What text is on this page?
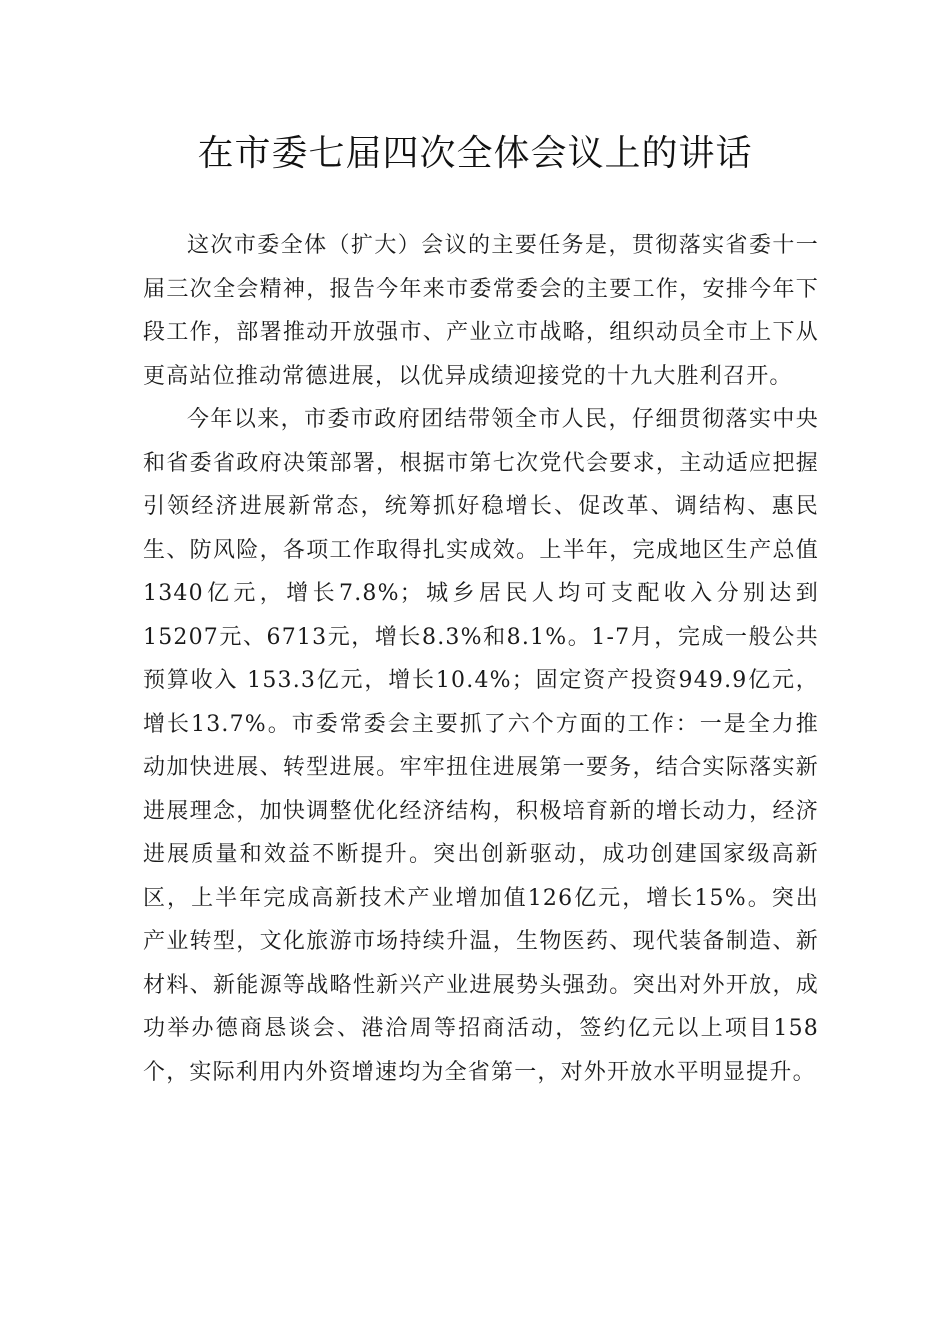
在市委七届四次全体会议上的讲话

这次市委全体（扩大）会议的主要任务是，贯彻落实省委十一届三次全会精神，报告今年来市委常委会的主要工作，安排今年下段工作，部署推动开放强市、产业立市战略，组织动员全市上下从更高站位推动常德进展，以优异成绩迎接党的十九大胜利召开。

今年以来，市委市政府团结带领全市人民，仔细贯彻落实中央和省委省政府决策部署，根据市第七次党代会要求，主动适应把握引领经济进展新常态，统筹抓好稳增长、促改革、调结构、惠民生、防风险，各项工作取得扎实成效。上半年，完成地区生产总值1340亿元，增长7.8%；城乡居民人均可支配收入分别达到15207元、6713元，增长8.3%和8.1%。1-7月，完成一般公共预算收入 153.3亿元，增长10.4%；固定资产投资949.9亿元，增长13.7%。市委常委会主要抓了六个方面的工作：一是全力推动加快进展、转型进展。牢牢扭住进展第一要务，结合实际落实新进展理念，加快调整优化经济结构，积极培育新的增长动力，经济进展质量和效益不断提升。突出创新驱动，成功创建国家级高新区，上半年完成高新技术产业增加值126亿元，增长15%。突出产业转型，文化旅游市场持续升温，生物医药、现代装备制造、新材料、新能源等战略性新兴产业进展势头强劲。突出对外开放，成功举办德商恳谈会、港洽周等招商活动，签约亿元以上项目158个，实际利用内外资增速均为全省第一，对外开放水平明显提升。
